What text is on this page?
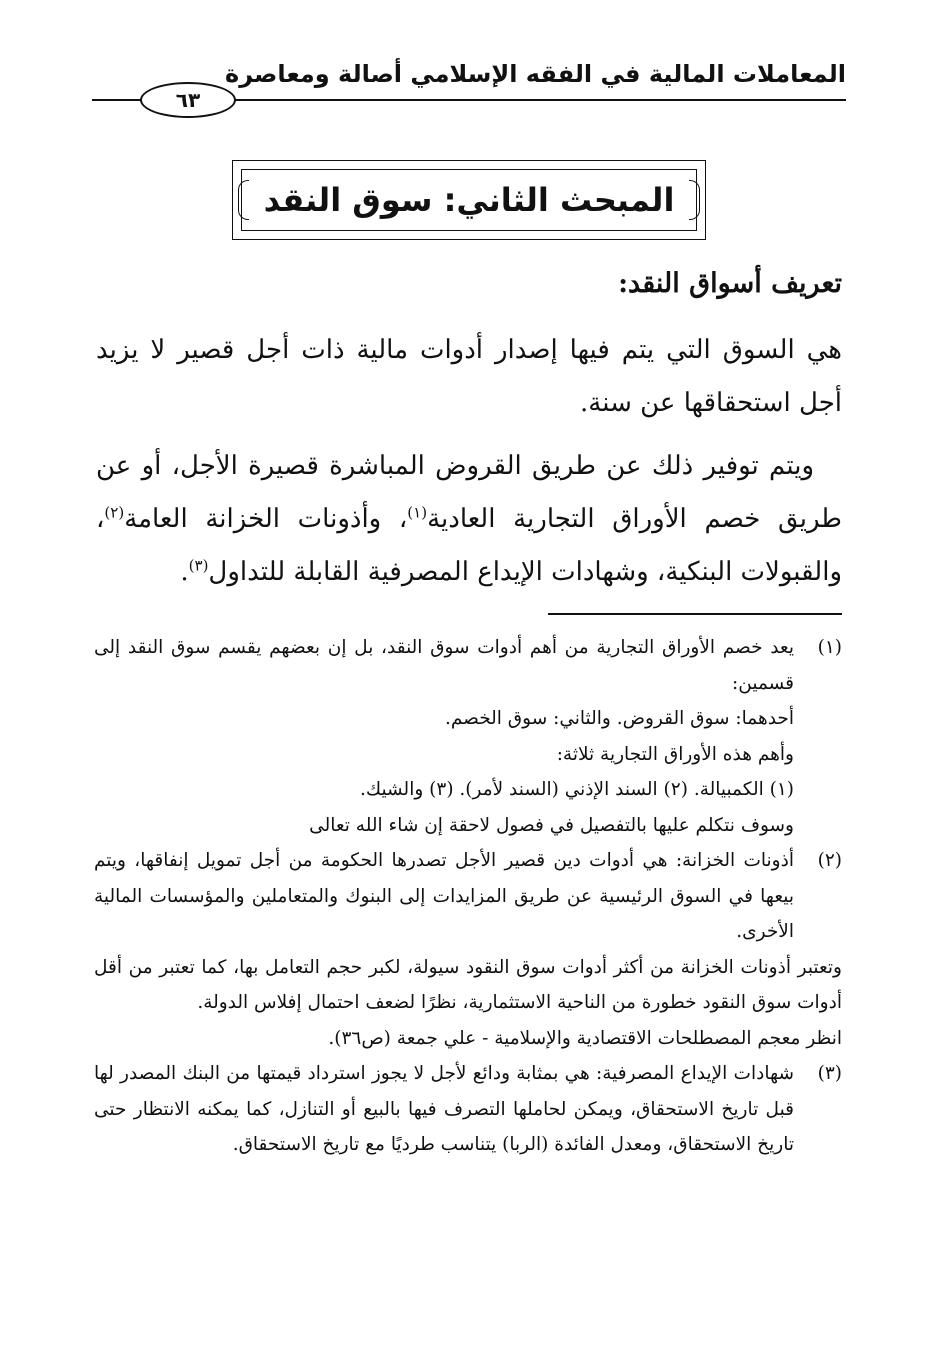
المعاملات المالية في الفقه الإسلامي أصالة ومعاصرة
٦٣
المبحث الثاني: سوق النقد
تعريف أسواق النقد:
هي السوق التي يتم فيها إصدار أدوات مالية ذات أجل قصير لا يزيد أجل استحقاقها عن سنة.
ويتم توفير ذلك عن طريق القروض المباشرة قصيرة الأجل، أو عن طريق خصم الأوراق التجارية العادية$^{(١)}$، وأذونات الخزانة العامة$^{(٢)}$، والقبولات البنكية، وشهادات الإيداع المصرفية القابلة للتداول$^{(٣)}$.
(١)
يعد خصم الأوراق التجارية من أهم أدوات سوق النقد، بل إن بعضهم يقسم سوق النقد إلى قسمين:
أحدهما: سوق القروض. والثاني: سوق الخصم.
وأهم هذه الأوراق التجارية ثلاثة:
(١) الكمبيالة. (٢) السند الإذني (السند لأمر). (٣) والشيك.
وسوف نتكلم عليها بالتفصيل في فصول لاحقة إن شاء الله تعالى
(٢)
أذونات الخزانة: هي أدوات دين قصير الأجل تصدرها الحكومة من أجل تمويل إنفاقها، ويتم بيعها في السوق الرئيسية عن طريق المزايدات إلى البنوك والمتعاملين والمؤسسات المالية الأخرى.
وتعتبر أذونات الخزانة من أكثر أدوات سوق النقود سيولة، لكبر حجم التعامل بها، كما تعتبر من أقل أدوات سوق النقود خطورة من الناحية الاستثمارية، نظرًا لضعف احتمال إفلاس الدولة.
انظر معجم المصطلحات الاقتصادية والإسلامية - علي جمعة (ص٣٦).
(٣)
شهادات الإيداع المصرفية: هي بمثابة ودائع لأجل لا يجوز استرداد قيمتها من البنك المصدر لها قبل تاريخ الاستحقاق، ويمكن لحاملها التصرف فيها بالبيع أو التنازل، كما يمكنه الانتظار حتى تاريخ الاستحقاق، ومعدل الفائدة (الربا) يتناسب طرديًا مع تاريخ الاستحقاق.
